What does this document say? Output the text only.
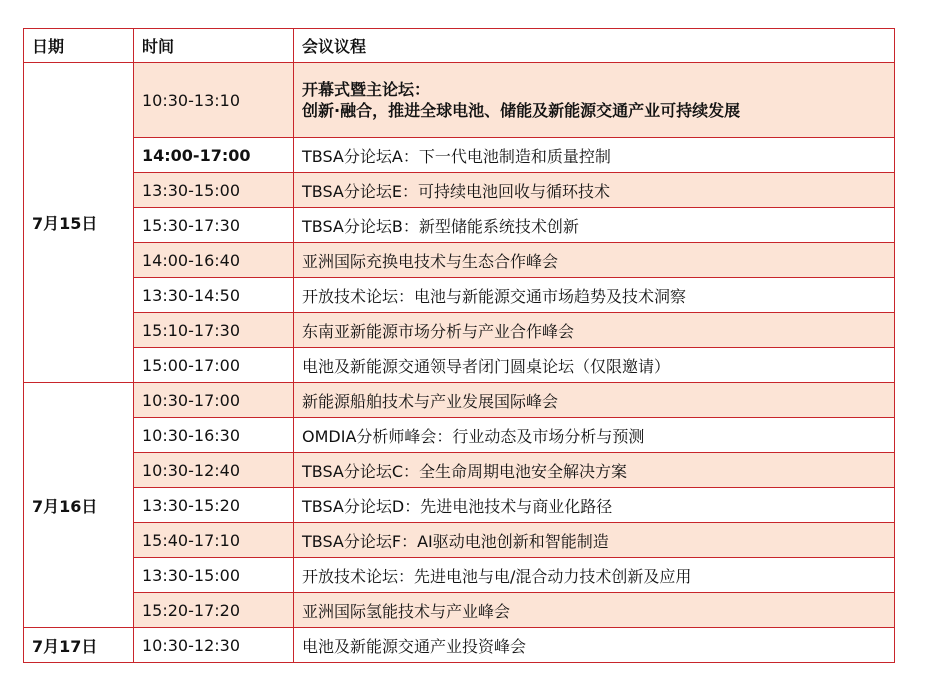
日期	时间	会议议程
7月15日	10:30-13:10	开幕式暨主论坛：
创新·融合，推进全球电池、储能及新能源交通产业可持续发展

	14:00-17:00	TBSA分论坛A：下一代电池制造和质量控制
	13:30-15:00	TBSA分论坛E：可持续电池回收与循环技术
	15:30-17:30	TBSA分论坛B：新型储能系统技术创新
	14:00-16:40	亚洲国际充换电技术与生态合作峰会
	13:30-14:50	开放技术论坛：电池与新能源交通市场趋势及技术洞察
	15:10-17:30	东南亚新能源市场分析与产业合作峰会
	15:00-17:00	电池及新能源交通领导者闭门圆桌论坛（仅限邀请）
7月16日	10:30-17:00	新能源船舶技术与产业发展国际峰会
	10:30-16:30	OMDIA分析师峰会：行业动态及市场分析与预测
	10:30-12:40	TBSA分论坛C：全生命周期电池安全解决方案
	13:30-15:20	TBSA分论坛D：先进电池技术与商业化路径
	15:40-17:10	TBSA分论坛F：AI驱动电池创新和智能制造
	13:30-15:00	开放技术论坛：先进电池与电/混合动力技术创新及应用
	15:20-17:20	亚洲国际氢能技术与产业峰会
7月17日	10:30-12:30	电池及新能源交通产业投资峰会
